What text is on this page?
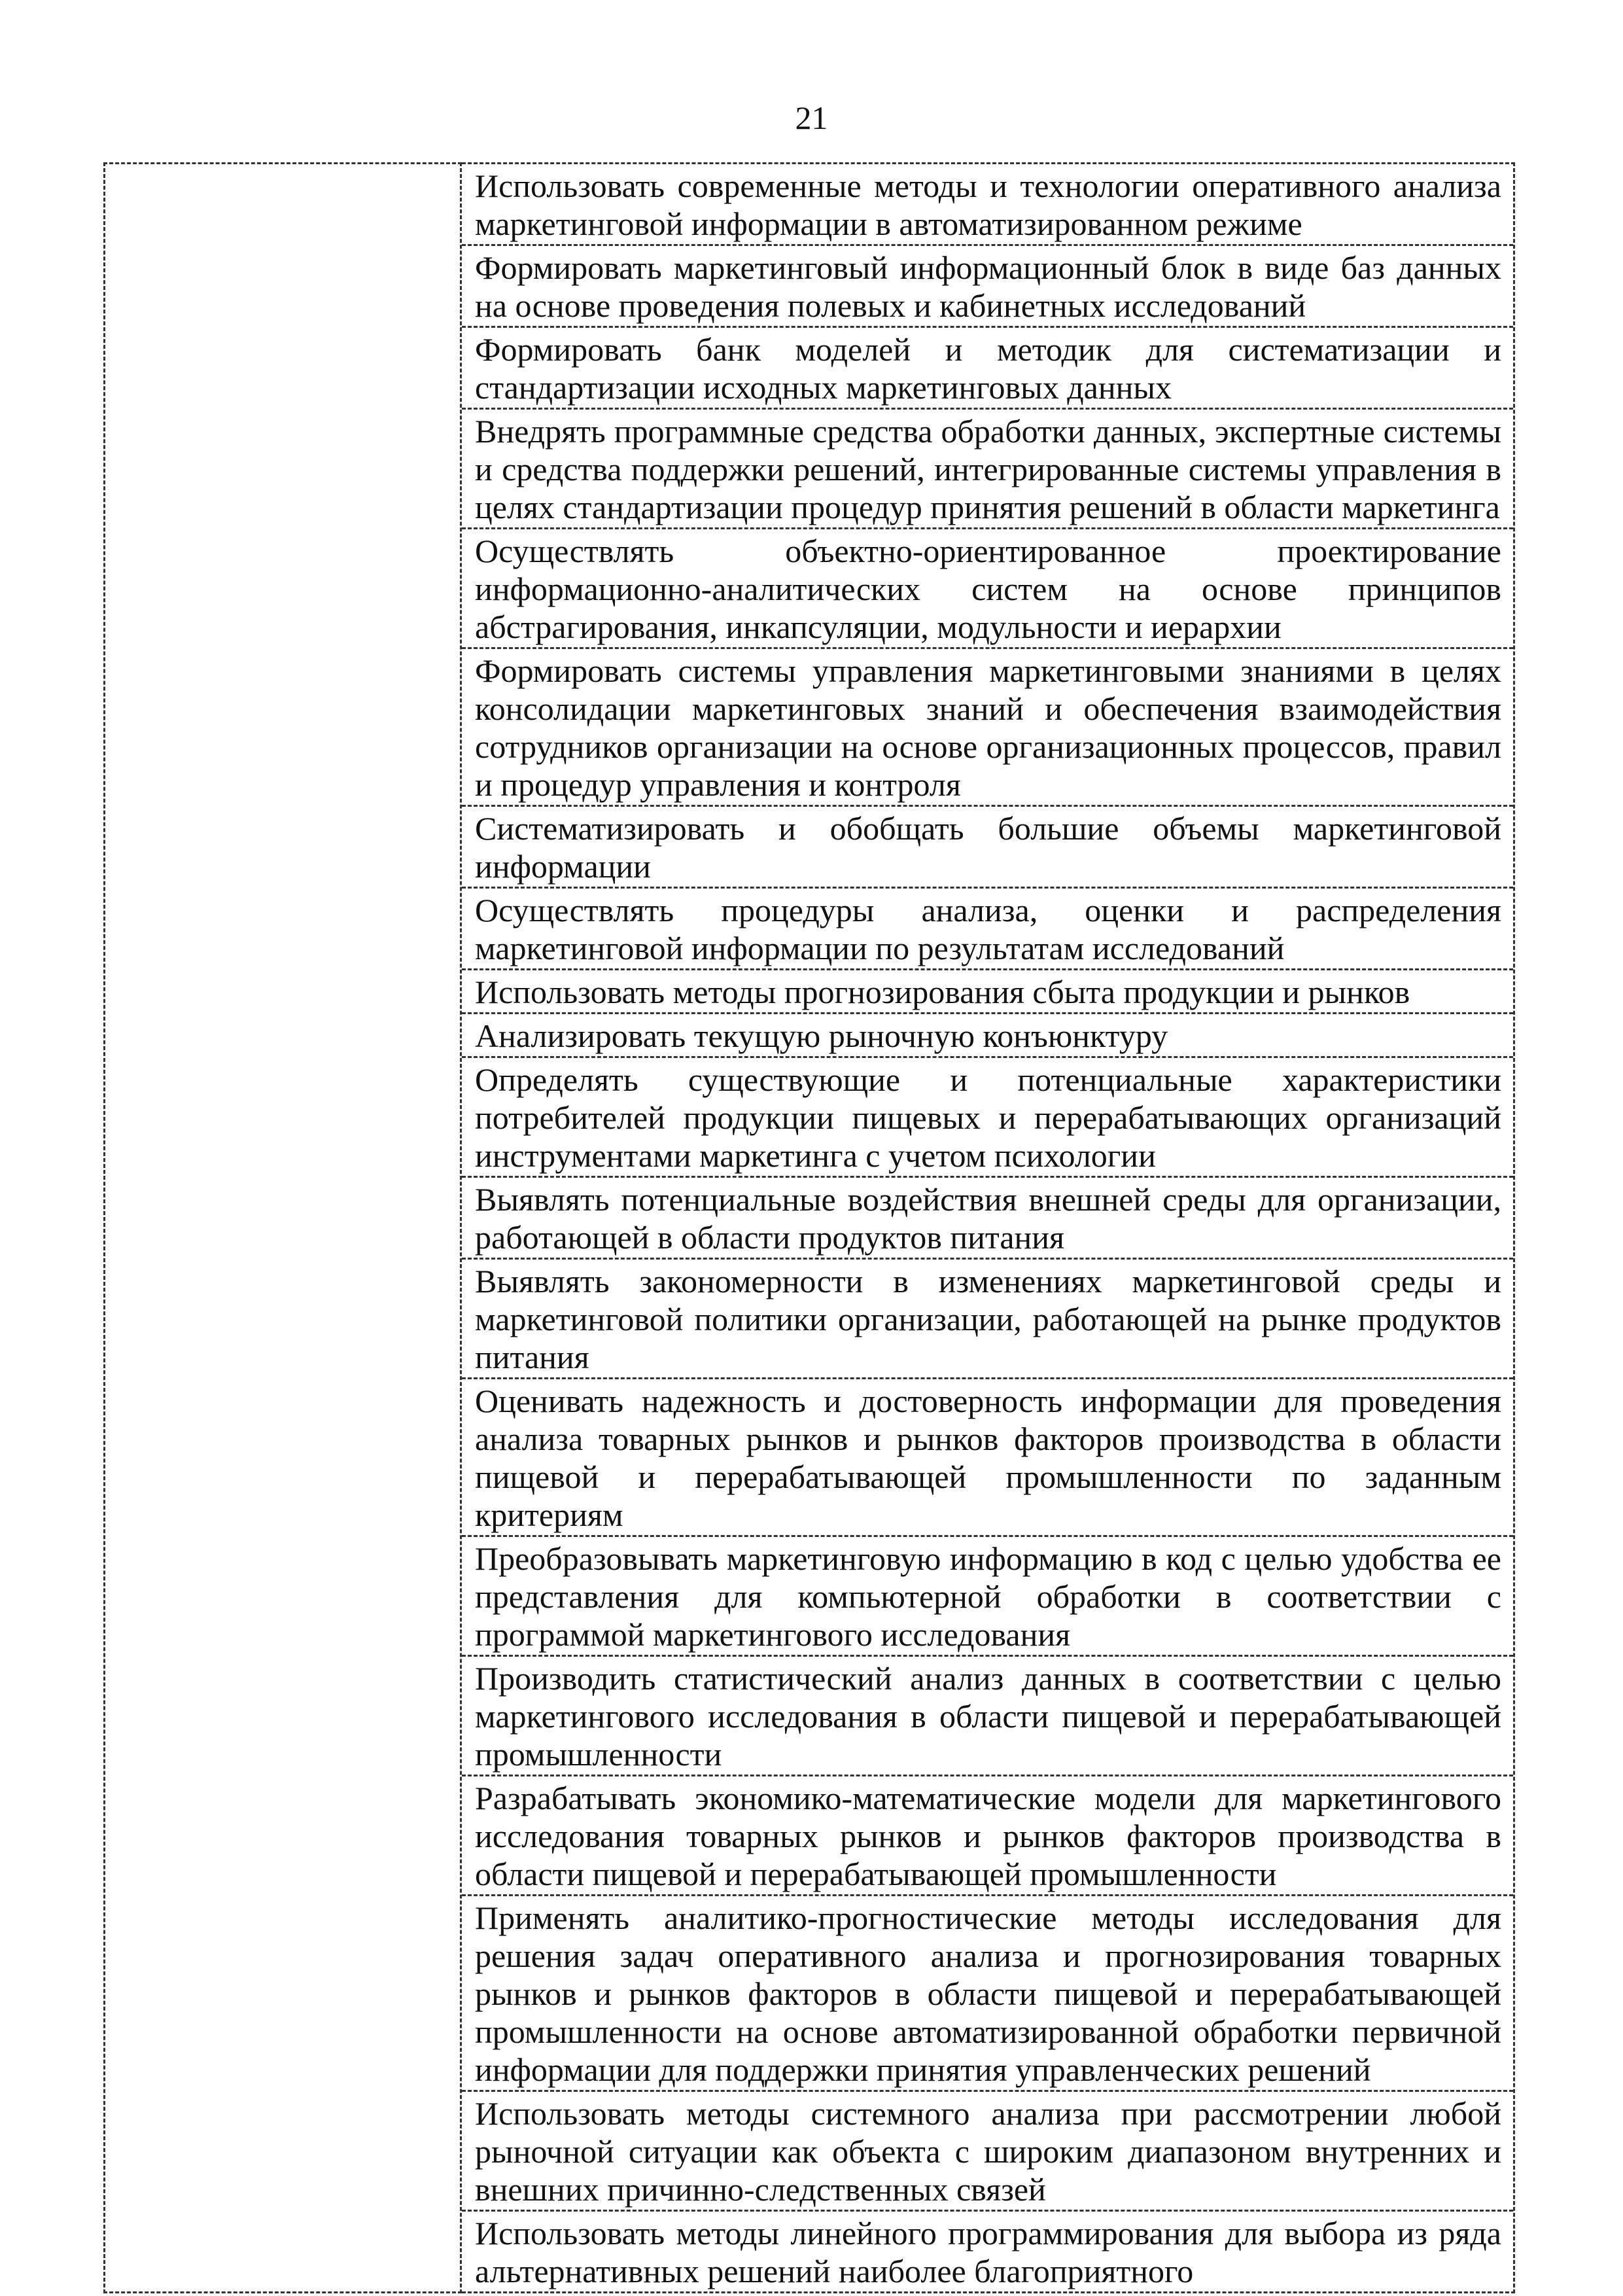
21

Использовать современные методы и технологии оперативного анализа маркетинговой информации в автоматизированном режиме
Формировать маркетинговый информационный блок в виде баз данных на основе проведения полевых и кабинетных исследований
Формировать банк моделей и методик для систематизации и стандартизации исходных маркетинговых данных
Внедрять программные средства обработки данных, экспертные системы и средства поддержки решений, интегрированные системы управления в целях стандартизации процедур принятия решений в области маркетинга
Осуществлять объектно-ориентированное проектирование информационно-аналитических систем на основе принципов абстрагирования, инкапсуляции, модульности и иерархии
Формировать системы управления маркетинговыми знаниями в целях консолидации маркетинговых знаний и обеспечения взаимодействия сотрудников организации на основе организационных процессов, правил и процедур управления и контроля
Систематизировать и обобщать большие объемы маркетинговой информации
Осуществлять процедуры анализа, оценки и распределения маркетинговой информации по результатам исследований
Использовать методы прогнозирования сбыта продукции и рынков
Анализировать текущую рыночную конъюнктуру
Определять существующие и потенциальные характеристики потребителей продукции пищевых и перерабатывающих организаций инструментами маркетинга с учетом психологии
Выявлять потенциальные воздействия внешней среды для организации, работающей в области продуктов питания
Выявлять закономерности в изменениях маркетинговой среды и маркетинговой политики организации, работающей на рынке продуктов питания
Оценивать надежность и достоверность информации для проведения анализа товарных рынков и рынков факторов производства в области пищевой и перерабатывающей промышленности по заданным критериям
Преобразовывать маркетинговую информацию в код с целью удобства ее представления для компьютерной обработки в соответствии с программой маркетингового исследования
Производить статистический анализ данных в соответствии с целью маркетингового исследования в области пищевой и перерабатывающей промышленности
Разрабатывать экономико-математические модели для маркетингового исследования товарных рынков и рынков факторов производства в области пищевой и перерабатывающей промышленности
Применять аналитико-прогностические методы исследования для решения задач оперативного анализа и прогнозирования товарных рынков и рынков факторов в области пищевой и перерабатывающей промышленности на основе автоматизированной обработки первичной информации для поддержки принятия управленческих решений
Использовать методы системного анализа при рассмотрении любой рыночной ситуации как объекта с широким диапазоном внутренних и внешних причинно-следственных связей
Использовать методы линейного программирования для выбора из ряда альтернативных решений наиболее благоприятного
